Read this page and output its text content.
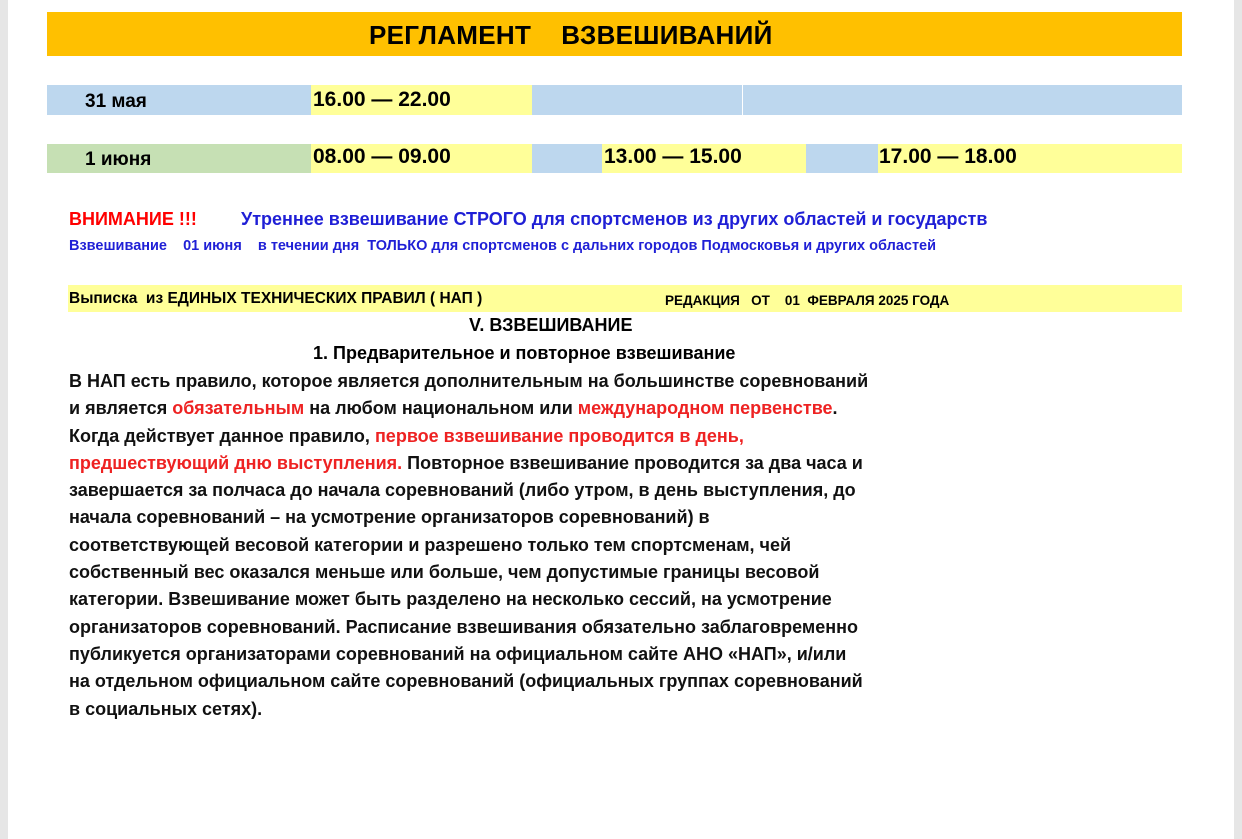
РЕГЛАМЕНТ    ВЗВЕШИВАНИЙ
31 мая	16.00 — 22.00
1 июня	08.00 — 09.00	13.00 — 15.00	17.00 — 18.00
ВНИМАНИЕ !!! Утреннее взвешивание СТРОГО для спортсменов из других областей и государств
Взвешивание    01 июня    в течении дня  ТОЛЬКО для спортсменов с дальних городов Подмосковья и других областей
Выписка  из ЕДИНЫХ ТЕХНИЧЕСКИХ ПРАВИЛ ( НАП )	РЕДАКЦИЯ   ОТ    01  ФЕВРАЛЯ 2025 ГОДА
V. ВЗВЕШИВАНИЕ
1. Предварительное и повторное взвешивание
В НАП есть правило, которое является дополнительным на большинстве соревнований
и является обязательным на любом национальном или международном первенстве.
Когда действует данное правило, первое взвешивание проводится в день,
предшествующий дню выступления. Повторное взвешивание проводится за два часа и
завершается за полчаса до начала соревнований (либо утром, в день выступления, до
начала соревнований – на усмотрение организаторов соревнований) в
соответствующей весовой категории и разрешено только тем спортсменам, чей
собственный вес оказался меньше или больше, чем допустимые границы весовой
категории. Взвешивание может быть разделено на несколько сессий, на усмотрение
организаторов соревнований. Расписание взвешивания обязательно заблаговременно
публикуется организаторами соревнований на официальном сайте АНО «НАП», и/или
на отдельном официальном сайте соревнований (официальных группах соревнований
в социальных сетях).
